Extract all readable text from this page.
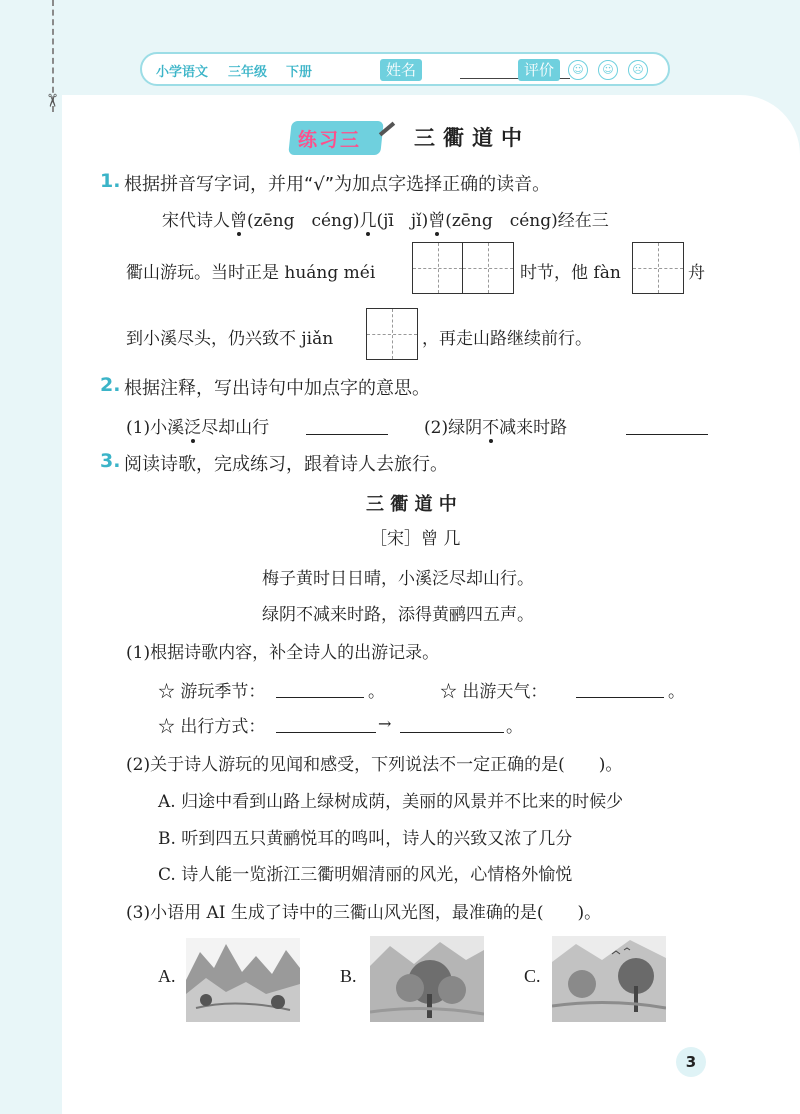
✂
小学语文 三年级 下册	姓名	评价	☺	☺	☹
练习三	三衢道中
1. 根据拼音写字词，并用“√”为加点字选择正确的读音。
宋代诗人曾(zēng　céng)几(jī　jǐ)曾(zēng　céng)经在三
衢山游玩。当时正是 huáng méi	时节，他 fàn	舟
到小溪尽头，仍兴致不 jiǎn	，再走山路继续前行。
2. 根据注释，写出诗句中加点字的意思。
(1)小溪泛尽却山行	(2)绿阴不减来时路
3. 阅读诗歌，完成练习，跟着诗人去旅行。
三 衢 道 中
［宋］曾 几
梅子黄时日日晴，小溪泛尽却山行。
绿阴不减来时路，添得黄鹂四五声。
(1)根据诗歌内容，补全诗人的出游记录。
☆ 游玩季节：	。	☆ 出游天气：	。
☆ 出行方式：	→	。
(2)关于诗人游玩的见闻和感受，下列说法不一定正确的是(　　)。
A. 归途中看到山路上绿树成荫，美丽的风景并不比来的时候少
B. 听到四五只黄鹂悦耳的鸣叫，诗人的兴致又浓了几分
C. 诗人能一览浙江三衢明媚清丽的风光，心情格外愉悦
(3)小语用 AI 生成了诗中的三衢山风光图，最准确的是(　　)。
A.	B.	C.
3
